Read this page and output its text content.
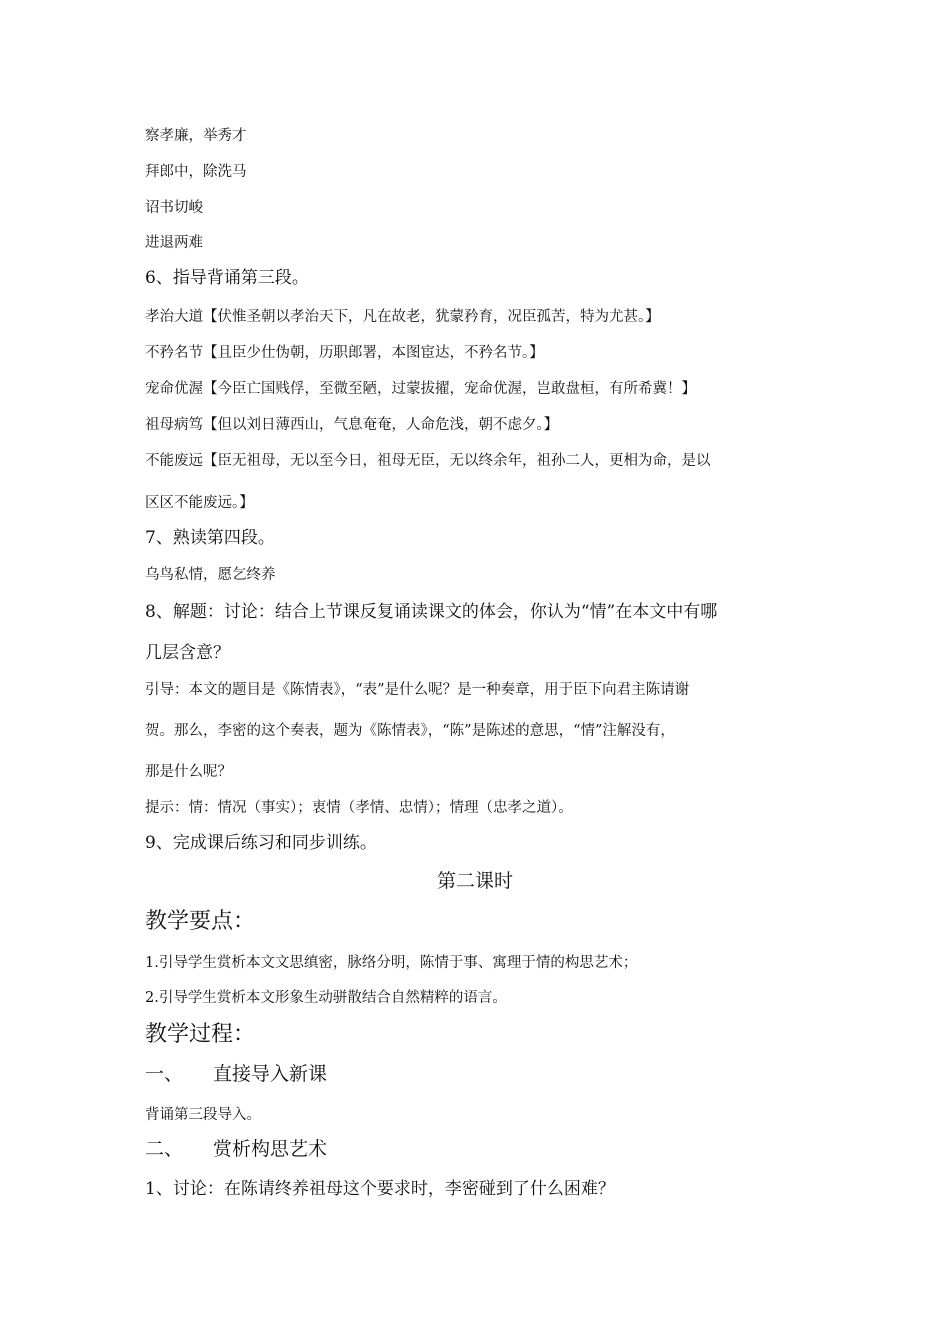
察孝廉，举秀才
拜郎中，除洗马
诏书切峻
进退两难
6、指导背诵第三段。
孝治大道【伏惟圣朝以孝治天下，凡在故老，犹蒙矜育，况臣孤苦，特为尤甚。】
不矜名节【且臣少仕伪朝，历职郎署，本图宦达，不矜名节。】
宠命优渥【今臣亡国贱俘，至微至陋，过蒙拔擢，宠命优渥，岂敢盘桓，有所希冀！】
祖母病笃【但以刘日薄西山，气息奄奄，人命危浅，朝不虑夕。】
不能废远【臣无祖母，无以至今日，祖母无臣，无以终余年，祖孙二人，更相为命，是以
区区不能废远。】
7、熟读第四段。
乌鸟私情，愿乞终养
8、解题：讨论：结合上节课反复诵读课文的体会，你认为“情”在本文中有哪
几层含意？
引导：本文的题目是《陈情表》，“表”是什么呢？是一种奏章，用于臣下向君主陈请谢
贺。那么，李密的这个奏表，题为《陈情表》，“陈”是陈述的意思，“情”注解没有，
那是什么呢？
提示：情：情况（事实）；衷情（孝情、忠情）；情理（忠孝之道）。
9、完成课后练习和同步训练。
第二课时
教学要点：
1.引导学生赏析本文文思缜密，脉络分明，陈情于事、寓理于情的构思艺术；
2.引导学生赏析本文形象生动骈散结合自然精粹的语言。
教学过程：
一、 直接导入新课
背诵第三段导入。
二、 赏析构思艺术
1、讨论：在陈请终养祖母这个要求时，李密碰到了什么困难？
